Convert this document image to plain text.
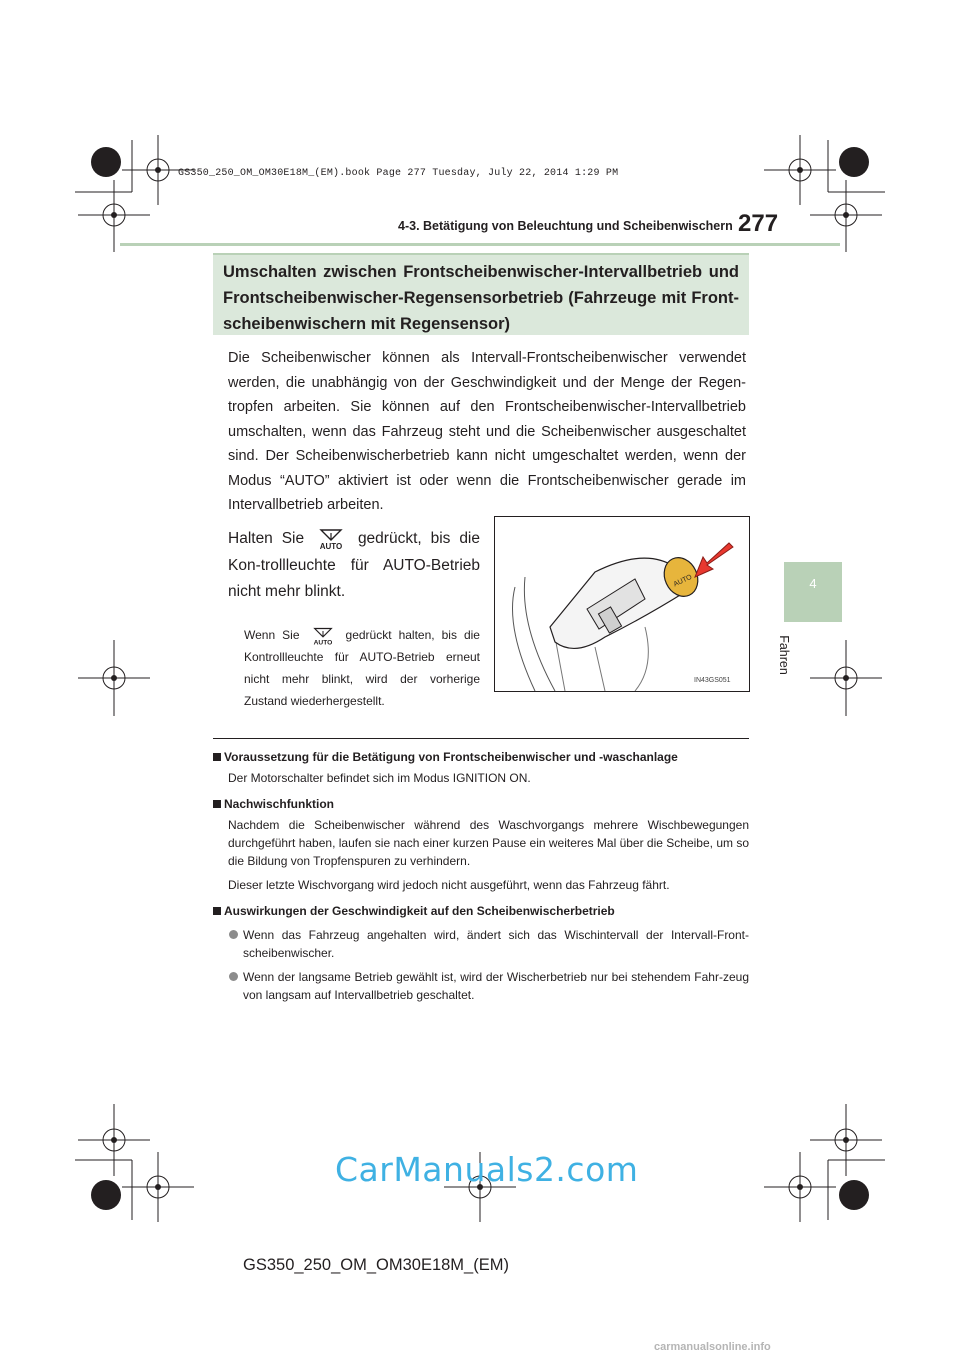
GS350_250_OM_OM30E18M_(EM).book Page 277 Tuesday, July 22, 2014 1:29 PM
4-3. Betätigung von Beleuchtung und Scheibenwischern 277
4
Fahren
Umschalten zwischen Frontscheibenwischer-Intervallbetrieb und Frontscheibenwischer-Regensensorbetrieb (Fahrzeuge mit Front-scheibenwischern mit Regensensor)
Die Scheibenwischer können als Intervall-Frontscheibenwischer verwendet werden, die unabhängig von der Geschwindigkeit und der Menge der Regen-tropfen arbeiten. Sie können auf den Frontscheibenwischer-Intervallbetrieb umschalten, wenn das Fahrzeug steht und die Scheibenwischer ausgeschaltet sind. Der Scheibenwischerbetrieb kann nicht umgeschaltet werden, wenn der Modus “AUTO” aktiviert ist oder wenn die Frontscheibenwischer gerade im Intervallbetrieb arbeiten.
Halten Sie AUTO gedrückt, bis die Kon-trollleuchte für AUTO-Betrieb nicht mehr blinkt.
Wenn Sie
AUTO
gedrückt halten, bis die Kontrollleuchte für AUTO-Betrieb erneut nicht mehr blinkt, wird der vorherige Zustand wiederhergestellt.
AUTO
IN43GS051
Voraussetzung für die Betätigung von Frontscheibenwischer und -waschanlage
Der Motorschalter befindet sich im Modus IGNITION ON.
Nachwischfunktion
Nachdem die Scheibenwischer während des Waschvorgangs mehrere Wischbewegungen durchgeführt haben, laufen sie nach einer kurzen Pause ein weiteres Mal über die Scheibe, um so die Bildung von Tropfenspuren zu verhindern.
Dieser letzte Wischvorgang wird jedoch nicht ausgeführt, wenn das Fahrzeug fährt.
Auswirkungen der Geschwindigkeit auf den Scheibenwischerbetrieb
Wenn das Fahrzeug angehalten wird, ändert sich das Wischintervall der Intervall-Front-scheibenwischer.
Wenn der langsame Betrieb gewählt ist, wird der Wischerbetrieb nur bei stehendem Fahr-zeug von langsam auf Intervallbetrieb geschaltet.
CarManuals2.com
GS350_250_OM_OM30E18M_(EM)
carmanualsonline.info
